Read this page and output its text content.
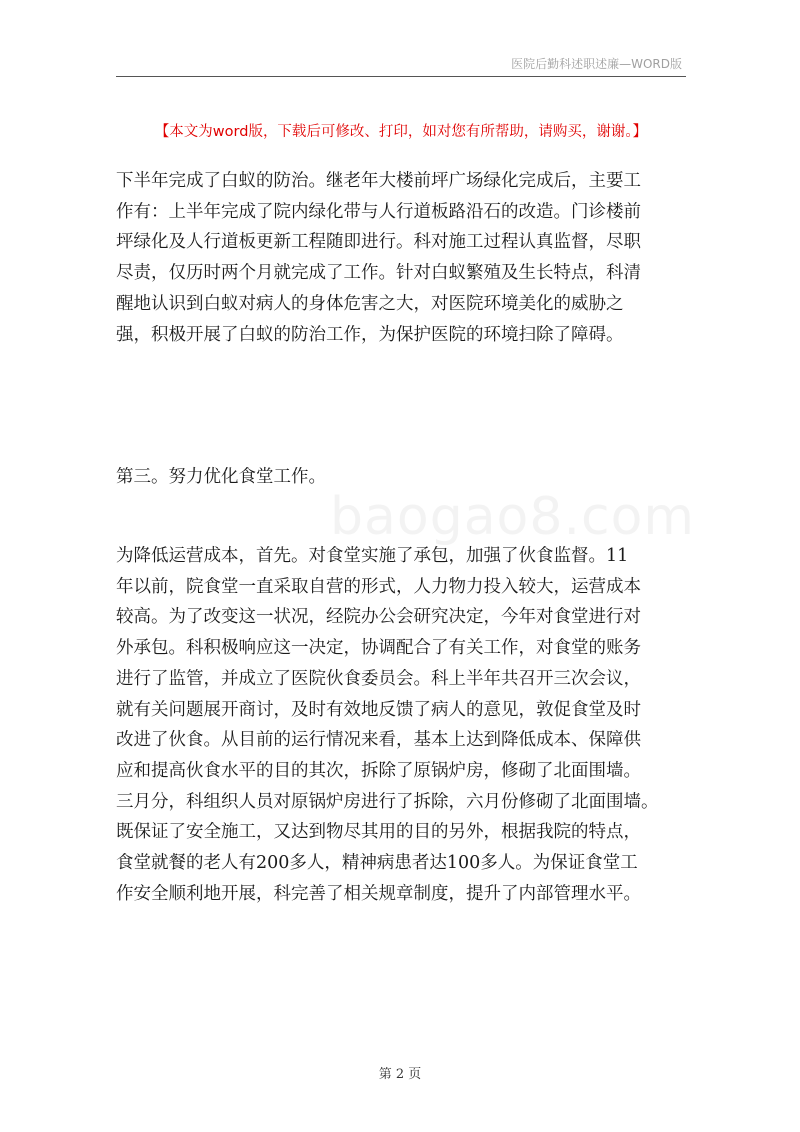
医院后勤科述职述廉—WORD版
【本文为word版，下载后可修改、打印，如对您有所帮助，请购买，谢谢。】

下半年完成了白蚁的防治。继老年大楼前坪广场绿化完成后，主要工
作有：上半年完成了院内绿化带与人行道板路沿石的改造。门诊楼前
坪绿化及人行道板更新工程随即进行。科对施工过程认真监督，尽职
尽责，仅历时两个月就完成了工作。针对白蚁繁殖及生长特点，科清
醒地认识到白蚁对病人的身体危害之大，对医院环境美化的威胁之
强，积极开展了白蚁的防治工作，为保护医院的环境扫除了障碍。

第三。努力优化食堂工作。

baogao8.com

为降低运营成本，首先。对食堂实施了承包，加强了伙食监督。11
年以前，院食堂一直采取自营的形式，人力物力投入较大，运营成本
较高。为了改变这一状况，经院办公会研究决定，今年对食堂进行对
外承包。科积极响应这一决定，协调配合了有关工作，对食堂的账务
进行了监管，并成立了医院伙食委员会。科上半年共召开三次会议，
就有关问题展开商讨，及时有效地反馈了病人的意见，敦促食堂及时
改进了伙食。从目前的运行情况来看，基本上达到降低成本、保障供
应和提高伙食水平的目的其次，拆除了原锅炉房，修砌了北面围墙。
三月分，科组织人员对原锅炉房进行了拆除，六月份修砌了北面围墙。
既保证了安全施工，又达到物尽其用的目的另外，根据我院的特点，
食堂就餐的老人有200多人，精神病患者达100多人。为保证食堂工
作安全顺利地开展，科完善了相关规章制度，提升了内部管理水平。

第 2 页
